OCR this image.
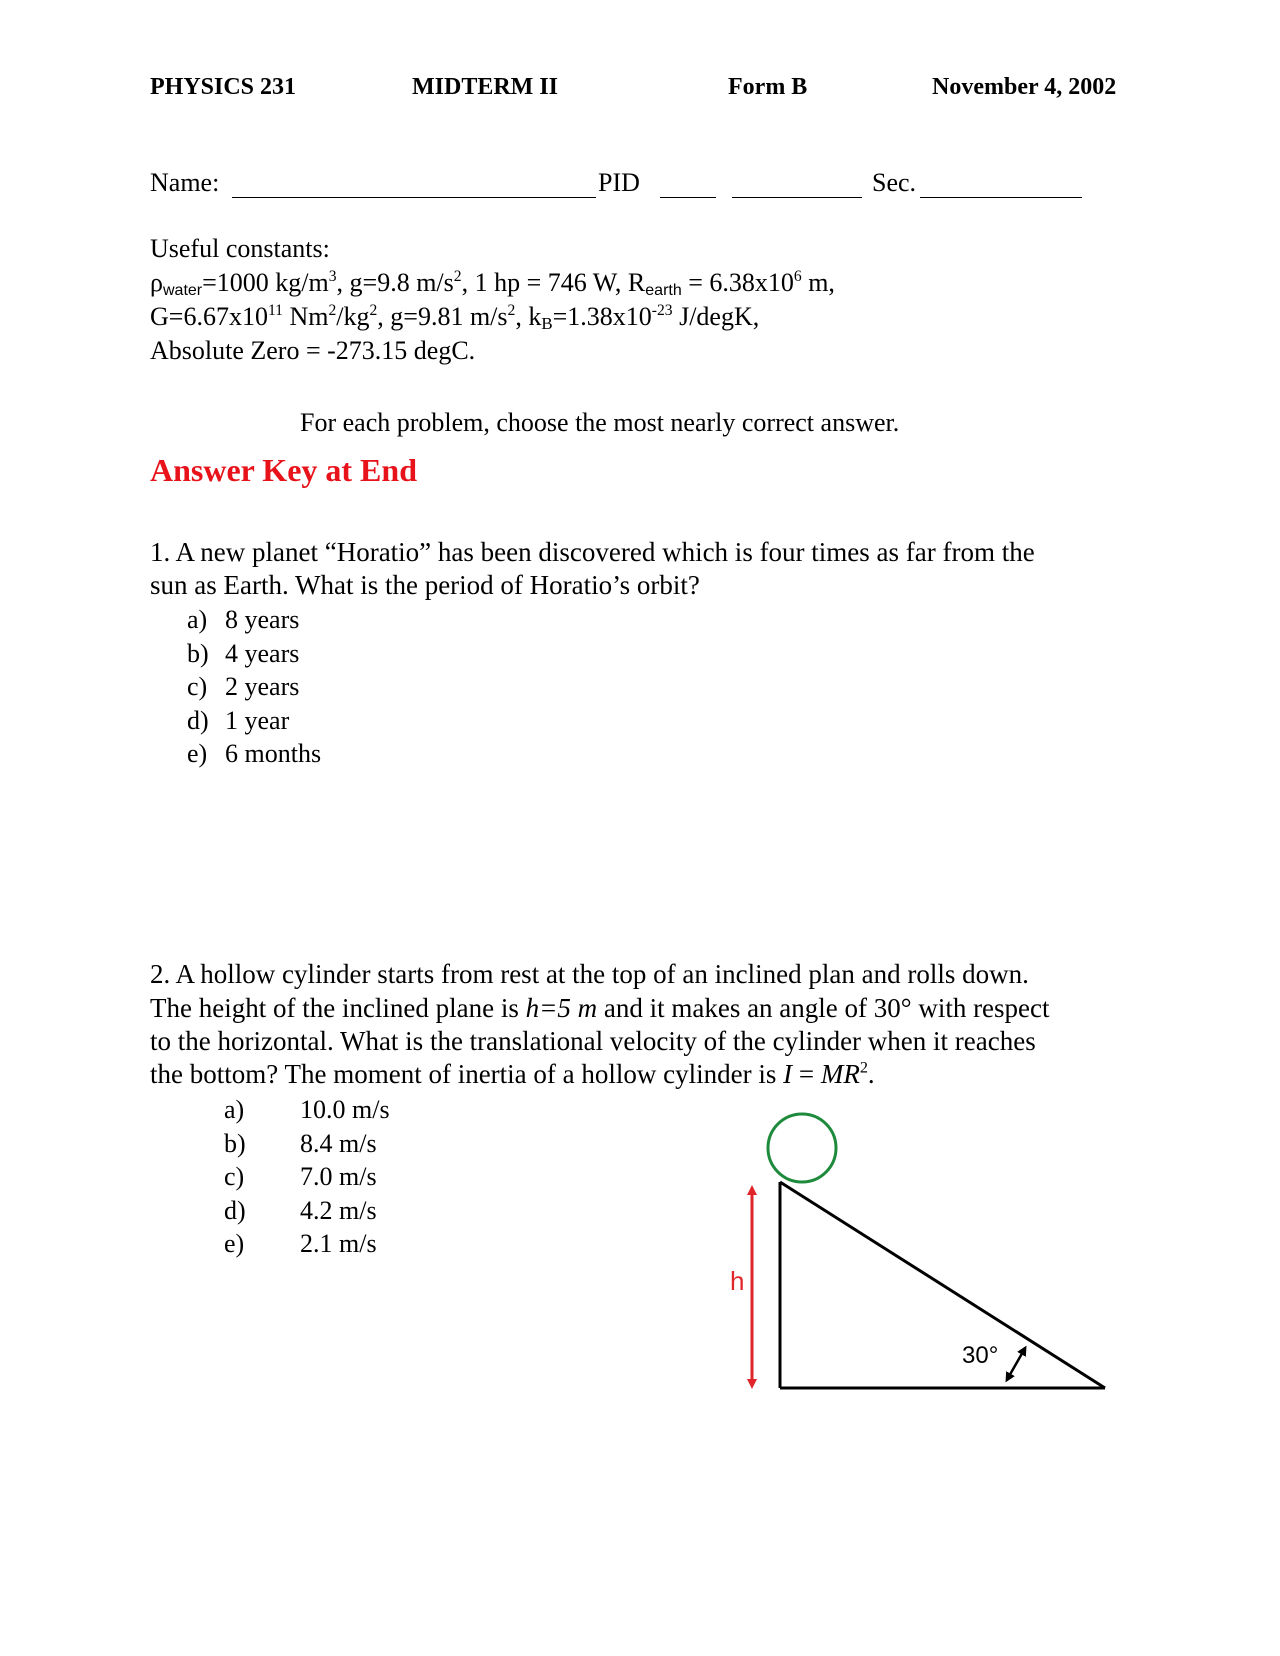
PHYSICS 231	MIDTERM II	Form B	November 4, 2002
Name:	PID	Sec.
Useful constants:
$\rho_{water}=1000$ $kg/m^3$, g=9.8 $m/s^2$, 1 hp = 746 W, $R_{earth} = 6.38x10^6$ m,
$G=6.67x10^{11}$ $Nm^2/kg^2$, g=9.81 $m/s^2$, $k_B=1.38x10^{-23}$ J/degK,
Absolute Zero = -273.15 degC.
For each problem, choose the most nearly correct answer.
Answer Key at End
1. A new planet “Horatio” has been discovered which is four times as far from the
sun as Earth. What is the period of Horatio’s orbit?
a) 8 years
b) 4 years
c) 2 years
d) 1 year
e) 6 months
2. A hollow cylinder starts from rest at the top of an inclined plan and rolls down.
The height of the inclined plane is h=5 m and it makes an angle of 30° with respect
to the horizontal. What is the translational velocity of the cylinder when it reaches
the bottom? The moment of inertia of a hollow cylinder is $I = MR^2$.
a) 10.0 m/s
b) 8.4 m/s
c) 7.0 m/s
d) 4.2 m/s
e) 2.1 m/s
h
30°
